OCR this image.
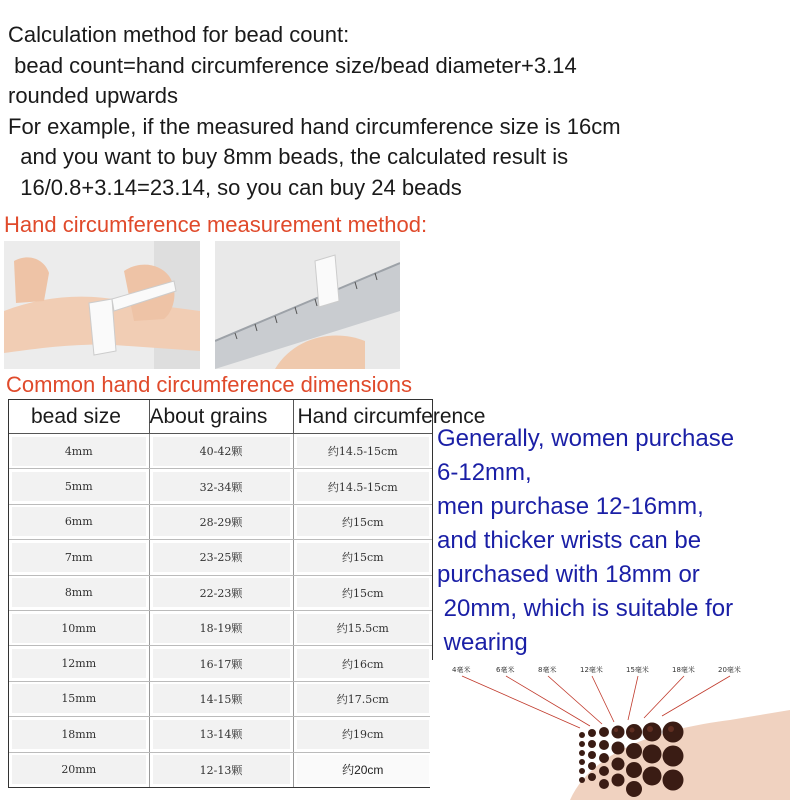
Calculation method for bead count:
bead count=hand circumference size/bead diameter+3.14
rounded upwards
For example, if the measured hand circumference size is 16cm
and you want to buy 8mm beads, the calculated result is
16/0.8+3.14=23.14, so you can buy 24 beads
Hand circumference measurement method:
Common hand circumference dimensions
bead size	About grains	Hand circumference

4mm	40-42颗	约14.5-15cm

5mm	32-34颗	约14.5-15cm

6mm	28-29颗	约15cm

7mm	23-25颗	约15cm

8mm	22-23颗	约15cm

10mm	18-19颗	约15.5cm

12mm	16-17颗	约16cm

15mm	14-15颗	约17.5cm

18mm	13-14颗	约19cm

20mm	12-13颗	约20cm
Generally, women purchase
6-12mm,
men purchase 12-16mm,
and thicker wrists can be
purchased with 18mm or
20mm, which is suitable for
wearing
4毫米	6毫米	8毫米	12毫米	15毫米	18毫米	20毫米
